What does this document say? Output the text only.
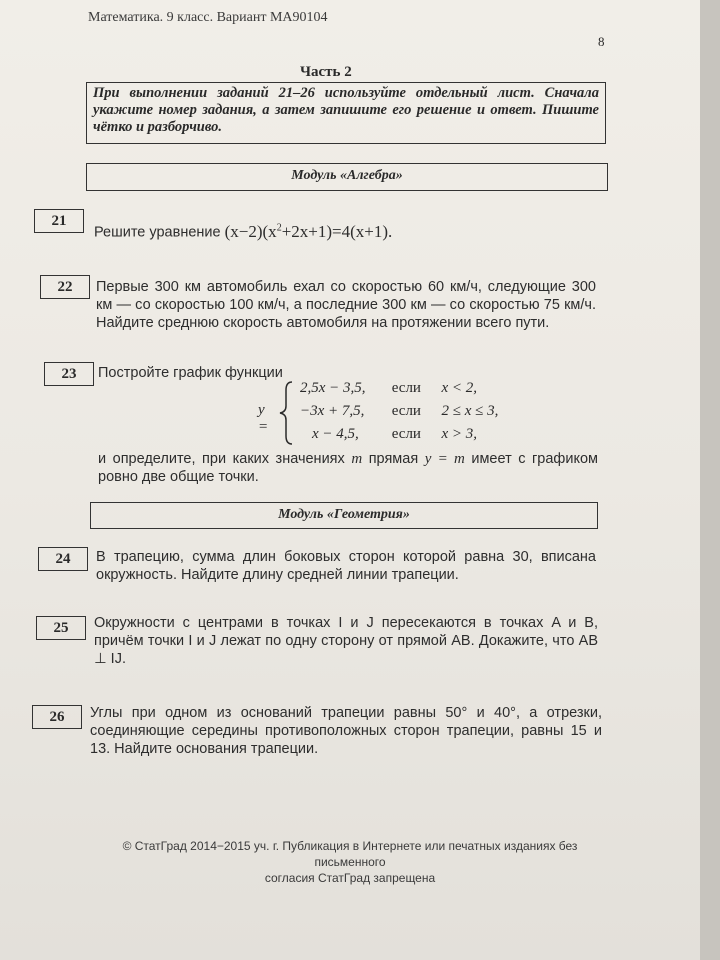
Математика. 9 класс. Вариант МА90104
8
Часть 2
При выполнении заданий 21–26 используйте отдельный лист. Сначала укажите номер задания, а затем запишите его решение и ответ. Пишите чётко и разборчиво.
Модуль «Алгебра»
21
Решите уравнение $(x-2)(x^2+2x+1)=4(x+1)$.
22	Первые 300 км автомобиль ехал со скоростью 60 км/ч, следующие 300 км — со скоростью 100 км/ч, а последние 300 км — со скоростью 75 км/ч. Найдите среднюю скорость автомобиля на протяжении всего пути.
23	Постройте график функции
y =
2,5x − 3,5, если x < 2,
−3x + 7,5, если 2 ≤ x ≤ 3,
x − 4,5, если x > 3,
и определите, при каких значениях m прямая y = m имеет с графиком ровно две общие точки.
Модуль «Геометрия»
24	В трапецию, сумма длин боковых сторон которой равна 30, вписана окружность. Найдите длину средней линии трапеции.
25	Окружности с центрами в точках I и J пересекаются в точках A и B, причём точки I и J лежат по одну сторону от прямой AB. Докажите, что AB ⊥ IJ.
26	Углы при одном из оснований трапеции равны 50° и 40°, а отрезки, соединяющие середины противоположных сторон трапеции, равны 15 и 13. Найдите основания трапеции.
© СтатГрад 2014−2015 уч. г. Публикация в Интернете или печатных изданиях без письменного
согласия СтатГрад запрещена
